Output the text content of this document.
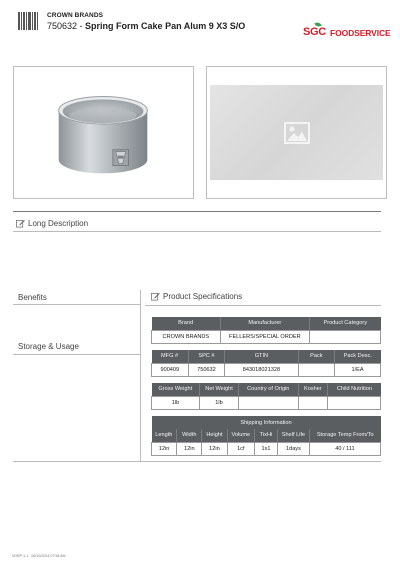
CROWN BRANDS
750632 - Spring Form Cake Pan Alum 9 X3 S/O	SGC FOODSERVICE
Long Description
Benefits
Storage & Usage
Product Specifications
Brand	Manufacturer	Product Category
CROWN BRANDS	FELLERS/SPECIAL ORDER	
MFG #	SPC #	GTIN	Pack	Pack Desc.
900409	750632	843018021328		1/EA
Gross Weight	Net Weight	Country of Origin	Kosher	Child Nutrition
1lb	1lb			
Shipping Information						
Length	Width	Height	Volume	TixHi	Shelf Life	Storage Temp From/To
12in	12in	12in	1cf	1x1	1days	40 / 111
VDRP-1.1 - 06/10/2024 07:58 AM
